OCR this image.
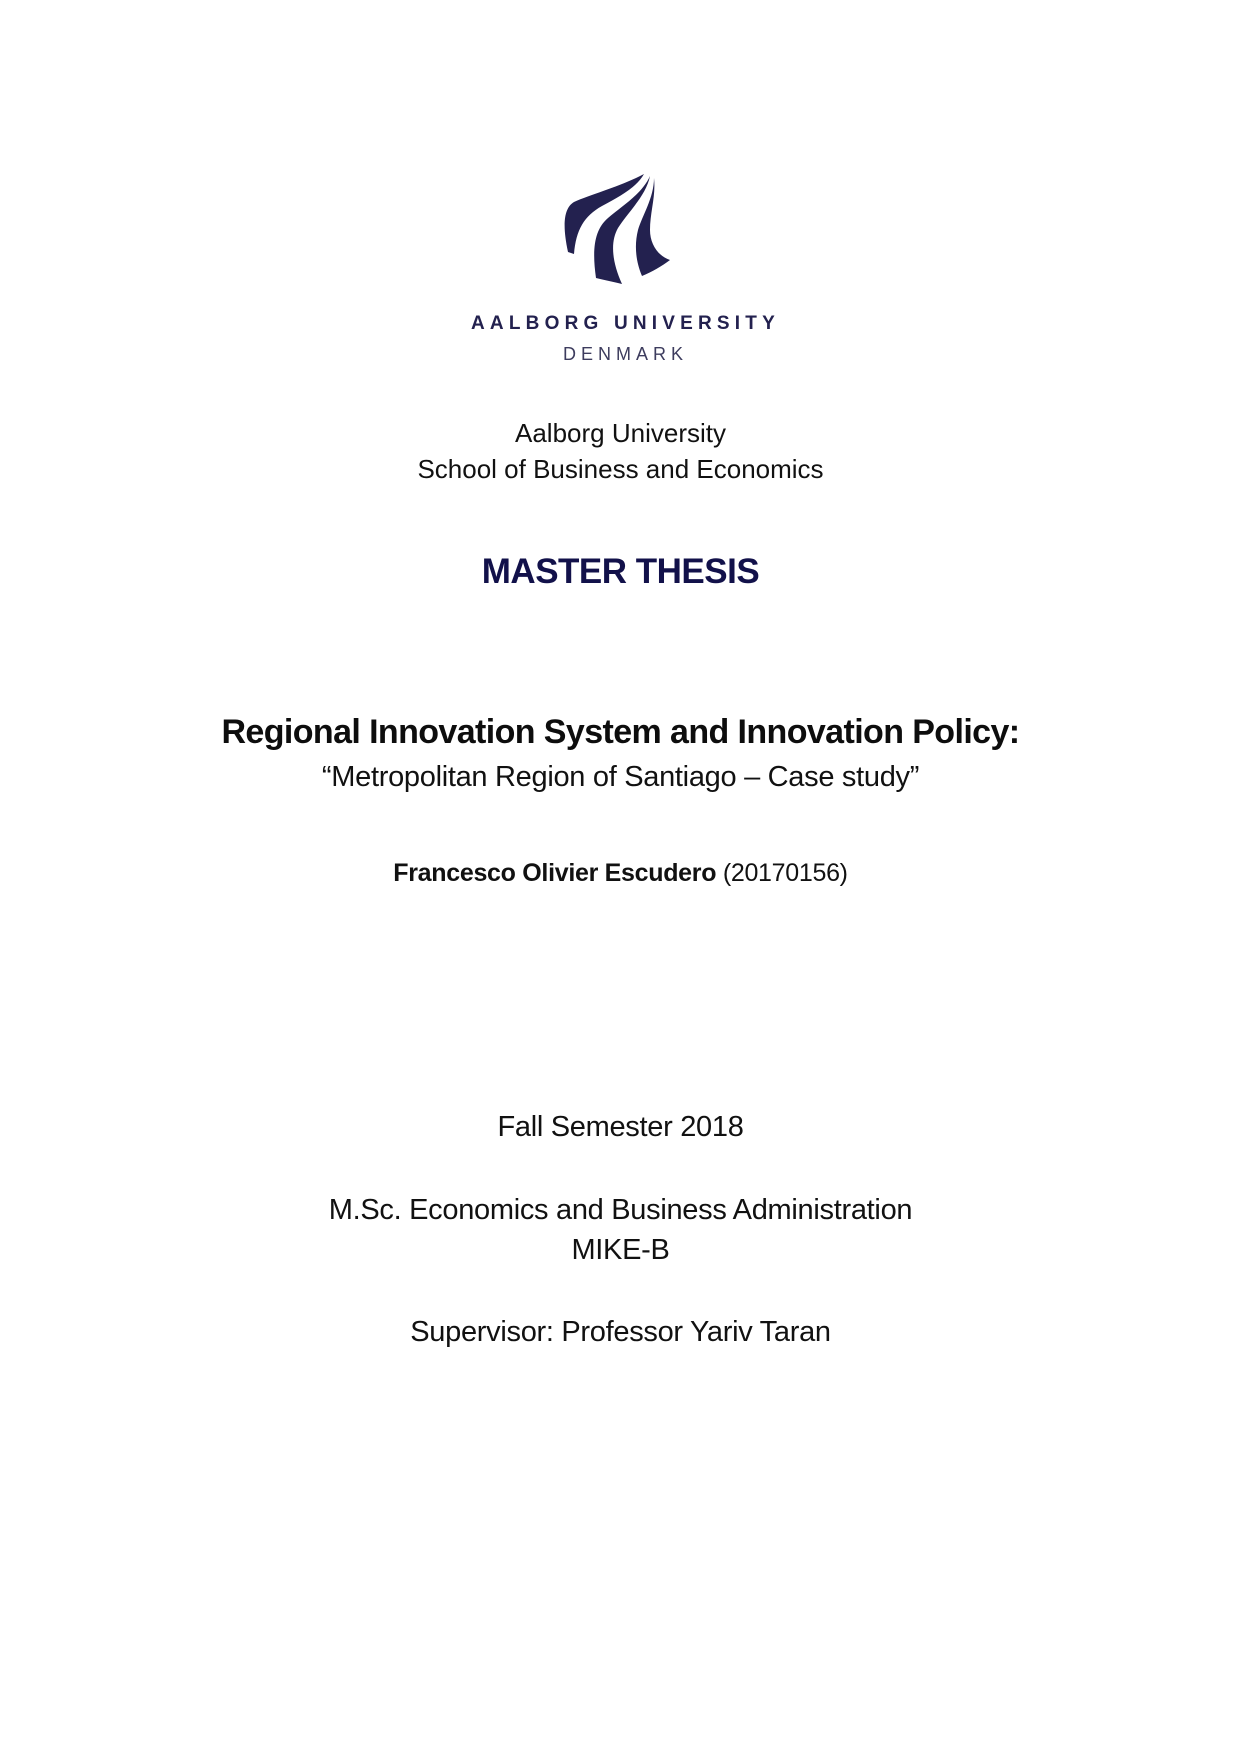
AALBORG UNIVERSITY
DENMARK
Aalborg University
School of Business and Economics
MASTER THESIS
Regional Innovation System and Innovation Policy:
“Metropolitan Region of Santiago – Case study”
Francesco Olivier Escudero (20170156)
Fall Semester 2018
M.Sc. Economics and Business Administration
MIKE-B
Supervisor: Professor Yariv Taran
